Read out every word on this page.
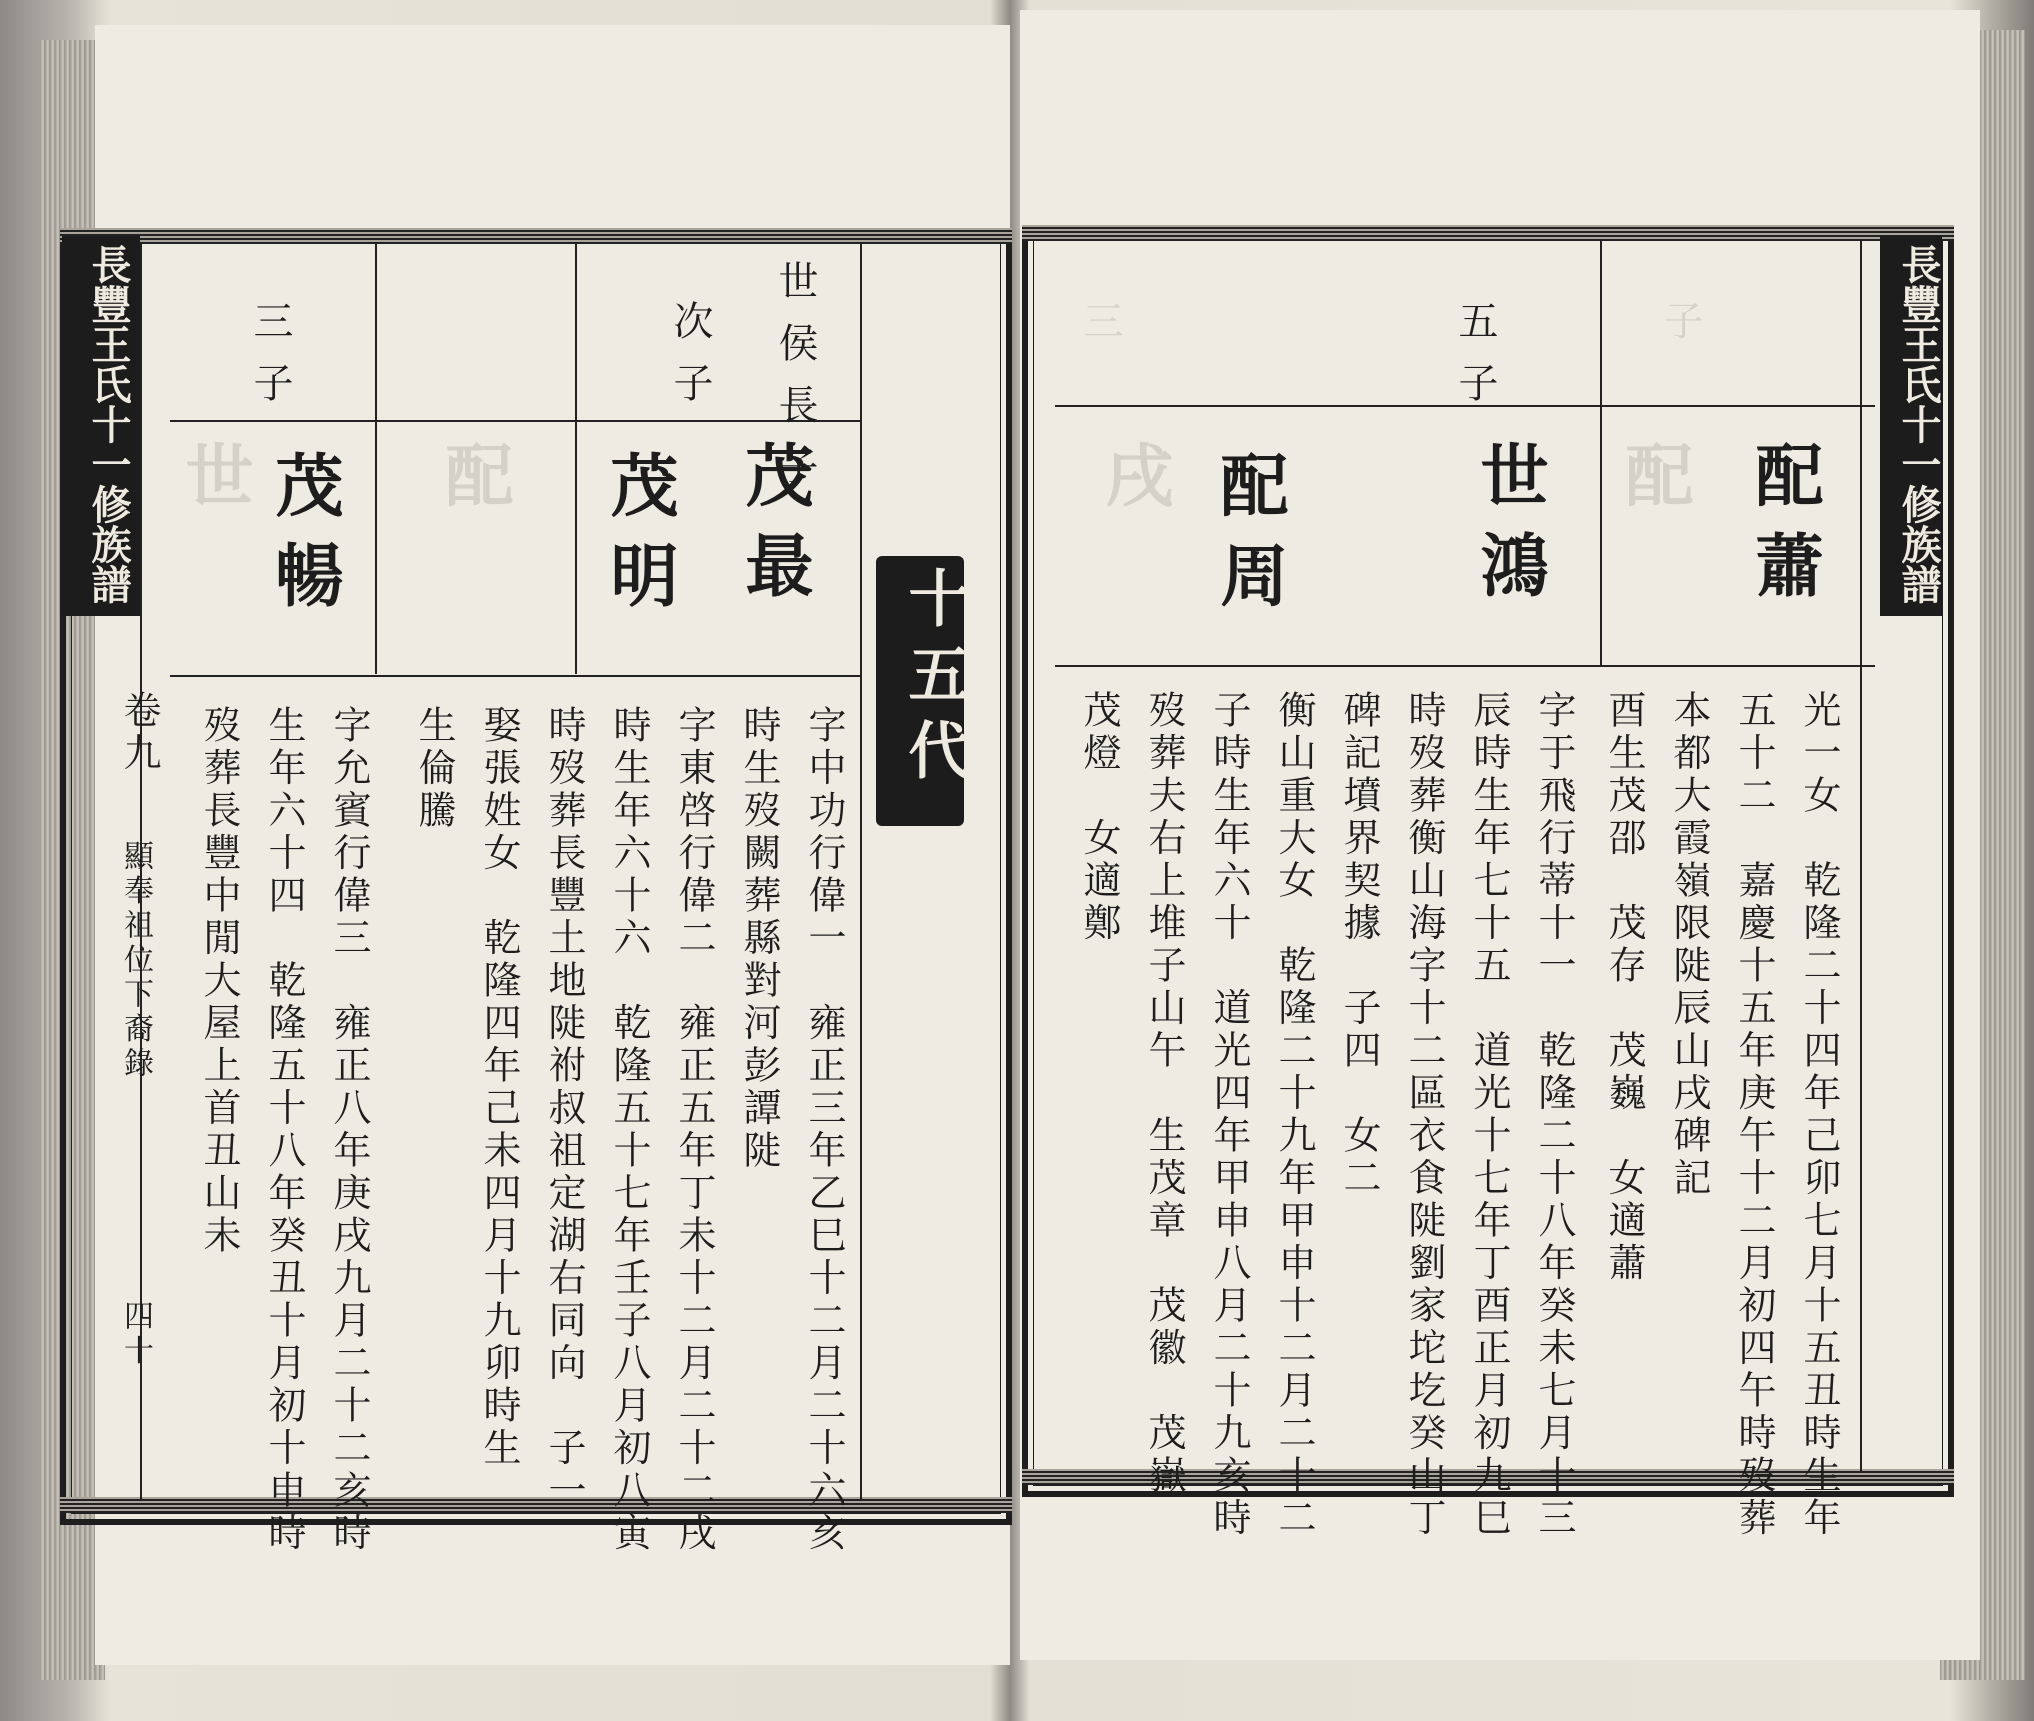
長豐王氏十一修族譜
卷九
顯奉祖位下裔錄
四十
十五代
世侯長子
次子
三子
茂最
茂明
茂暢
字中功行偉一　雍正三年乙巳十二月二十六亥
時生歿闕葬縣對河彭譚𨺗
字東啓行偉二　雍正五年丁未十二月二十二戌
時生年六十六　乾隆五十七年壬子八月初八寅
時歿葬長豐土地𨺗祔叔祖定湖右同向　子一
娶張姓女　乾隆四年己未四月十九卯時生
生倫騰
字允賓行偉三　雍正八年庚戌九月二十二亥時
生年六十四　乾隆五十八年癸丑十月初十申時
歿葬長豐中閒大屋上首丑山未
配
世	長豐王氏十一修族譜
五子
配蕭
世鴻
配周
光一女　乾隆二十四年己卯七月十五丑時生年
五十二　嘉慶十五年庚午十二月初四午時歿葬
本都大霞嶺限𨺗辰山戌碑記
酉生茂邵　茂存　茂巍　女適蕭
字于飛行蒂十一　乾隆二十八年癸未七月十三
辰時生年七十五　道光十七年丁酉正月初九巳
時歿葬衡山海字十二區衣食𨺗劉家坨圪癸山丁
碑記墳界契據　子四　女二
衡山重大女　乾隆二十九年甲申十二月二十二
子時生年六十　道光四年甲申八月二十九亥時
歿葬夫右上堆子山午　生茂章　茂徽　茂嶽
茂燈　女適鄭
配
戌
子
三
